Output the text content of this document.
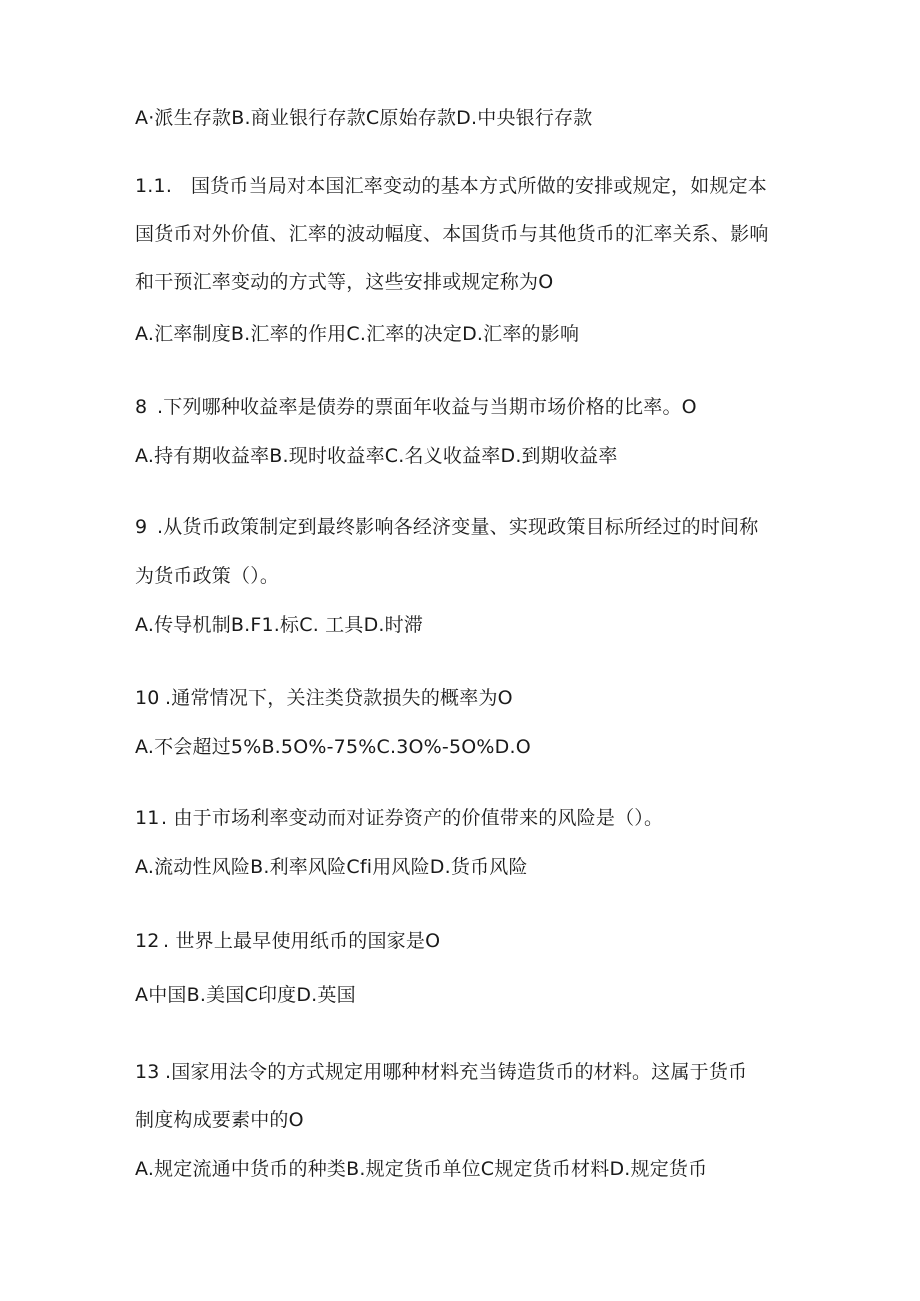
A·派生存款B.商业银行存款C原始存款D.中央银行存款
1.1. 国货币当局对本国汇率变动的基本方式所做的安排或规定，如规定本
国货币对外价值、汇率的波动幅度、本国货币与其他货币的汇率关系、影响
和干预汇率变动的方式等，这些安排或规定称为O
A.汇率制度B.汇率的作用C.汇率的决定D.汇率的影响
8 .下列哪种收益率是债券的票面年收益与当期市场价格的比率。O
A.持有期收益率B.现时收益率C.名义收益率D.到期收益率
9 .从货币政策制定到最终影响各经济变量、实现政策目标所经过的时间称
为货币政策（）。
A.传导机制B.F1.标C. 工具D.时滞
10 .通常情况下，关注类贷款损失的概率为O
A.不会超过5%B.5O%-75%C.3O%-5O%D.O
11. 由于市场利率变动而对证券资产的价值带来的风险是（）。
A.流动性风险B.利率风险Cfi用风险D.货币风险
12 . 世界上最早使用纸币的国家是O
A中国B.美国C印度D.英国
13 .国家用法令的方式规定用哪种材料充当铸造货币的材料。这属于货币
制度构成要素中的O
A.规定流通中货币的种类B.规定货币单位C规定货币材料D.规定货币
